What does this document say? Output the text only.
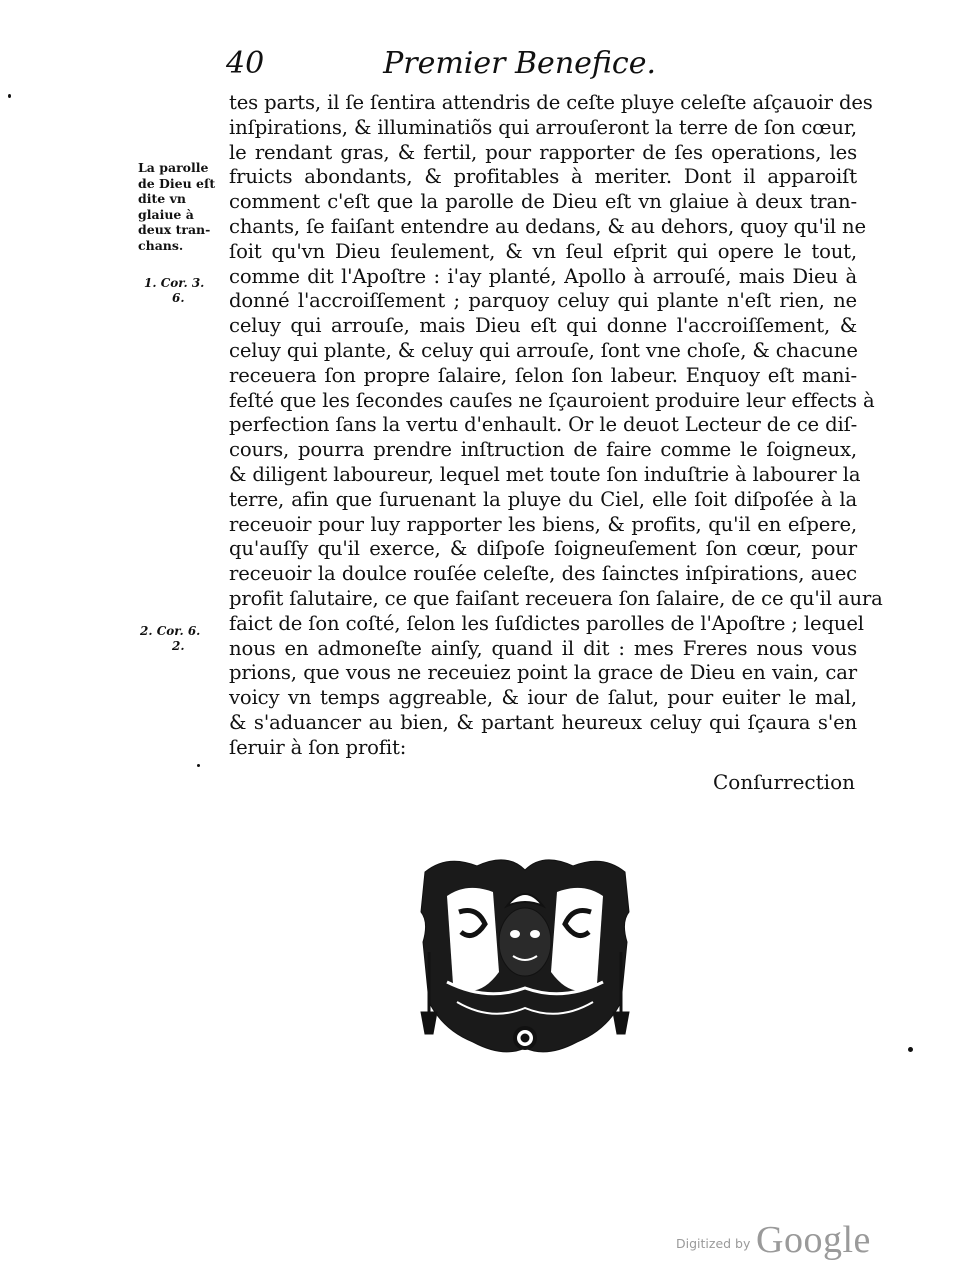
40	Premier Benefice.
La parolle
de Dieu eſt
dite vn
glaiue à
deux tran-
chans.
1. Cor. 3.
6.
2. Cor. 6.
2.
tes parts, il ſe ſentira attendris de ceſte pluye celeſte aſçauoir des
inſpirations, & illuminatiõs qui arrouſeront la terre de ſon cœur,
le rendant gras, & fertil, pour rapporter de ſes operations, les
fruicts abondants, & profitables à meriter. Dont il apparoiſt
comment c'eſt que la parolle de Dieu eſt vn glaiue à deux tran-
chants, ſe faiſant entendre au dedans, & au dehors, quoy qu'il ne
ſoit qu'vn Dieu ſeulement, & vn ſeul eſprit qui opere le tout,
comme dit l'Apoſtre : i'ay planté, Apollo à arrouſé, mais Dieu à
donné l'accroiſſement ; parquoy celuy qui plante n'eſt rien, ne
celuy qui arrouſe, mais Dieu eſt qui donne l'accroiſſement, &
celuy qui plante, & celuy qui arrouſe, ſont vne choſe, & chacune
receuera ſon propre ſalaire, ſelon ſon labeur. Enquoy eſt mani-
feſté que les ſecondes cauſes ne ſçauroient produire leur effects à
perfection ſans la vertu d'enhault. Or le deuot Lecteur de ce diſ-
cours, pourra prendre inſtruction de faire comme le ſoigneux,
& diligent laboureur, lequel met toute ſon induſtrie à labourer la
terre, afin que ſuruenant la pluye du Ciel, elle ſoit diſpoſée à la
receuoir pour luy rapporter les biens, & profits, qu'il en eſpere,
qu'auſſy qu'il exerce, & diſpoſe ſoigneuſement ſon cœur, pour
receuoir la doulce rouſée celeſte, des ſainctes inſpirations, auec
profit ſalutaire, ce que faiſant receuera ſon ſalaire, de ce qu'il aura
faict de ſon coſté, ſelon les ſuſdictes parolles de l'Apoſtre ; lequel
nous en admoneſte ainſy, quand il dit : mes Freres nous vous
prions, que vous ne receuiez point la grace de Dieu en vain, car
voicy vn temps aggreable, & iour de ſalut, pour euiter le mal,
& s'aduancer au bien, & partant heureux celuy qui ſçaura s'en
ſeruir à ſon profit:
Conſurrection
Digitized by Google
